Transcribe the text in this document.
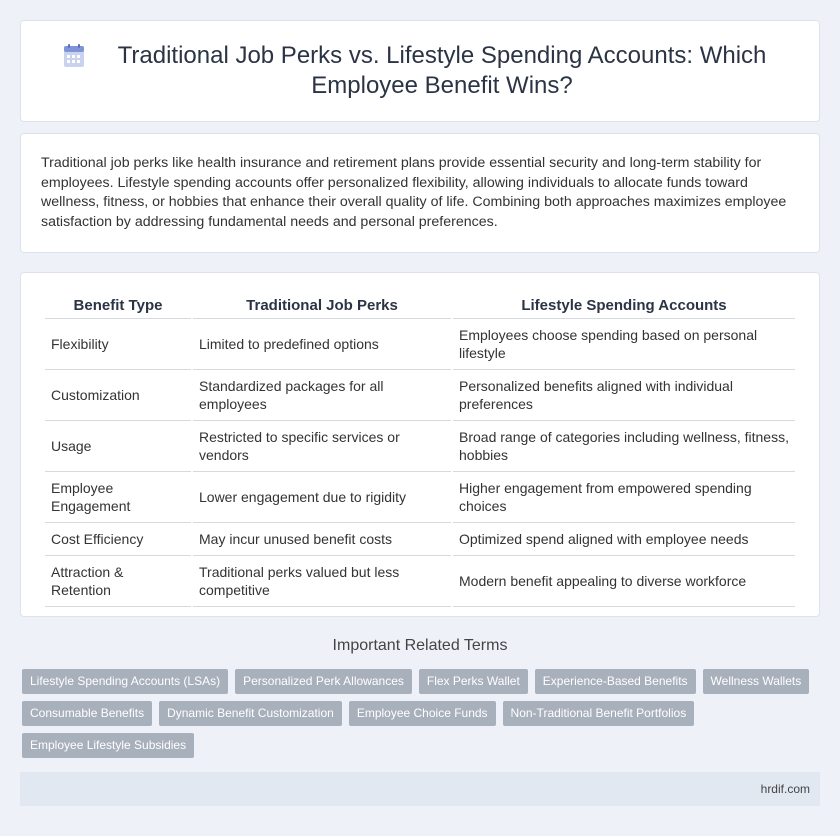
Traditional Job Perks vs. Lifestyle Spending Accounts: Which Employee Benefit Wins?

Traditional job perks like health insurance and retirement plans provide essential security and long-term stability for employees. Lifestyle spending accounts offer personalized flexibility, allowing individuals to allocate funds toward wellness, fitness, or hobbies that enhance their overall quality of life. Combining both approaches maximizes employee satisfaction by addressing fundamental needs and personal preferences.

Benefit Type	Traditional Job Perks	Lifestyle Spending Accounts
Flexibility	Limited to predefined options	Employees choose spending based on personal lifestyle
Customization	Standardized packages for all employees	Personalized benefits aligned with individual preferences
Usage	Restricted to specific services or vendors	Broad range of categories including wellness, fitness, hobbies
Employee Engagement	Lower engagement due to rigidity	Higher engagement from empowered spending choices
Cost Efficiency	May incur unused benefit costs	Optimized spend aligned with employee needs
Attraction & Retention	Traditional perks valued but less competitive	Modern benefit appealing to diverse workforce
Important Related Terms
Lifestyle Spending Accounts (LSAs)	Personalized Perk Allowances	Flex Perks Wallet	Experience-Based Benefits	Wellness Wallets
Consumable Benefits	Dynamic Benefit Customization	Employee Choice Funds	Non-Traditional Benefit Portfolios
Employee Lifestyle Subsidies
hrdif.com
